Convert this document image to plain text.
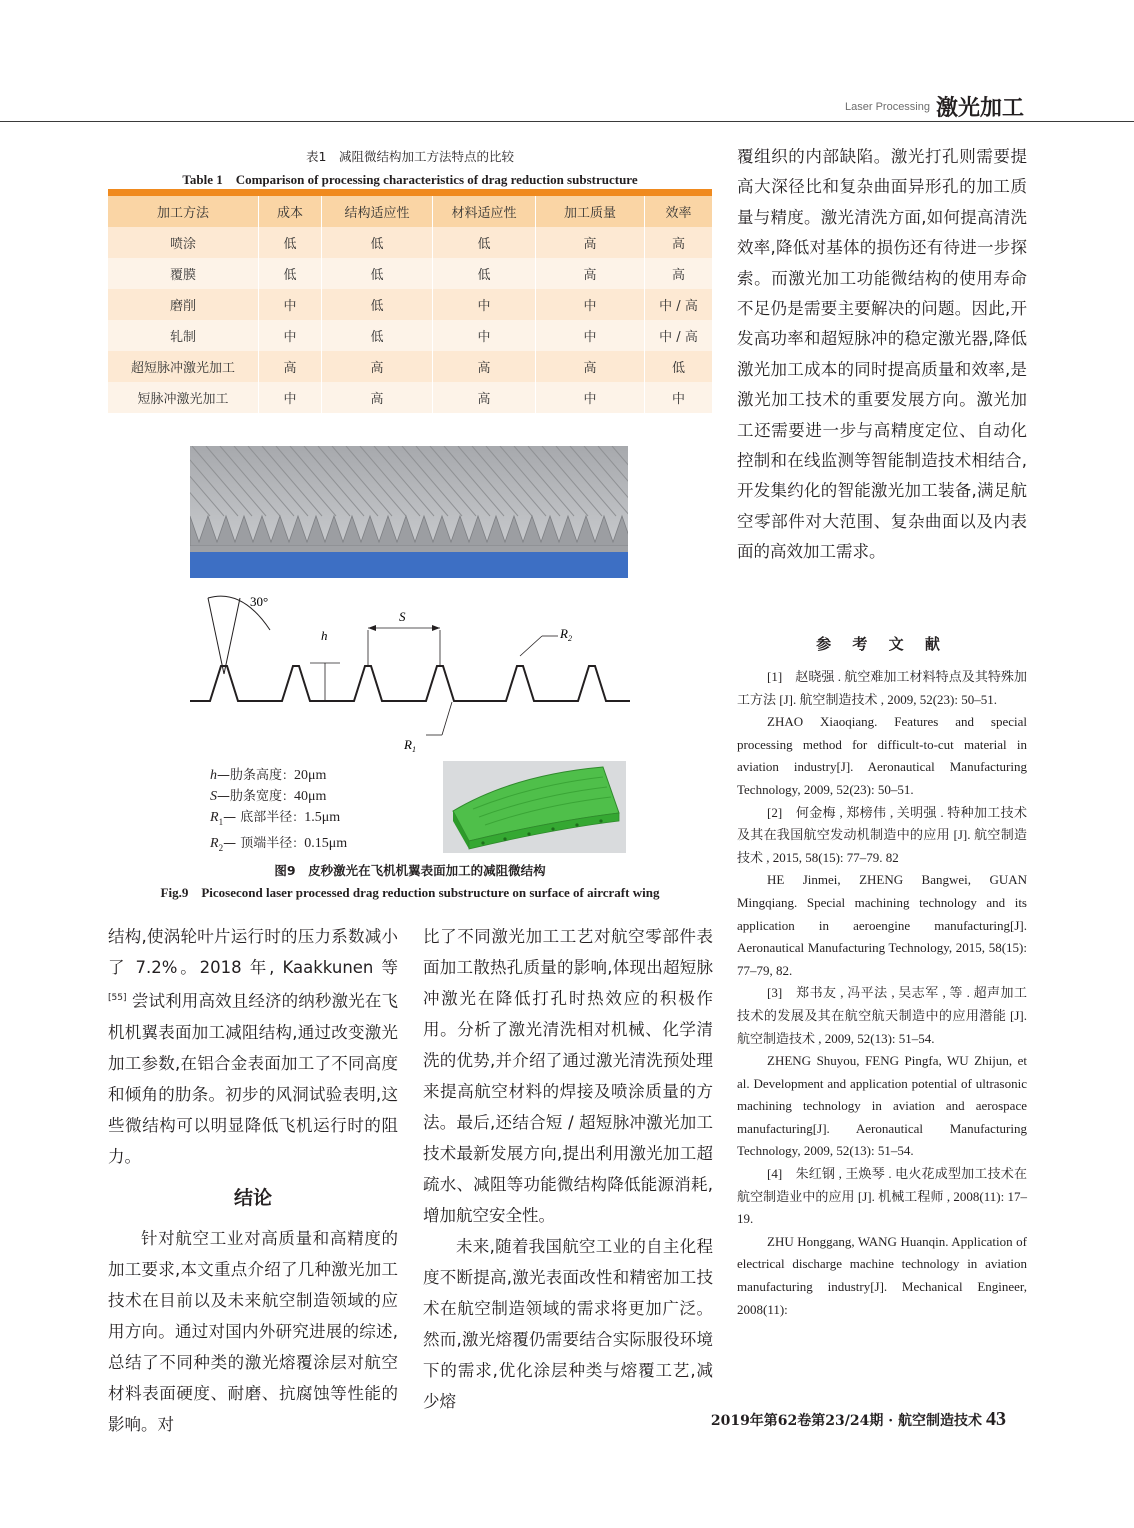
Laser Processing 激光加工
表1　减阻微结构加工方法特点的比较
Table 1　Comparison of processing characteristics of drag reduction substructure
加工方法	成本	结构适应性	材料适应性	加工质量	效率
喷涂	低	低	低	高	高
覆膜	低	低	低	高	高
磨削	中	低	中	中	中 / 高
轧制	中	低	中	中	中 / 高
超短脉冲激光加工	高	高	高	高	低
短脉冲激光加工	中	高	高	中	中
30°
h
S
$R_2$
$R_1$
h—肋条高度：20μm
S—肋条宽度：40μm
$R_1—$ 底部半径：1.5μm
$R_2—$ 顶端半径：0.15μm
图9　皮秒激光在飞机机翼表面加工的减阻微结构
Fig.9　Picosecond laser processed drag reduction substructure on surface of aircraft wing

结构,使涡轮叶片运行时的压力系数减小了 7.2%。2018 年, Kaakkunen 等 [55] 尝试利用高效且经济的纳秒激光在飞机机翼表面加工减阻结构,通过改变激光加工参数,在铝合金表面加工了不同高度和倾角的肋条。初步的风洞试验表明,这些微结构可以明显降低飞机运行时的阻力。

结论

针对航空工业对高质量和高精度的加工要求,本文重点介绍了几种激光加工技术在目前以及未来航空制造领域的应用方向。通过对国内外研究进展的综述,总结了不同种类的激光熔覆涂层对航空材料表面硬度、耐磨、抗腐蚀等性能的影响。对

比了不同激光加工工艺对航空零部件表面加工散热孔质量的影响,体现出超短脉冲激光在降低打孔时热效应的积极作用。分析了激光清洗相对机械、化学清洗的优势,并介绍了通过激光清洗预处理来提高航空材料的焊接及喷涂质量的方法。最后,还结合短 / 超短脉冲激光加工技术最新发展方向,提出利用激光加工超疏水、减阻等功能微结构降低能源消耗,增加航空安全性。

未来,随着我国航空工业的自主化程度不断提高,激光表面改性和精密加工技术在航空制造领域的需求将更加广泛。然而,激光熔覆仍需要结合实际服役环境下的需求,优化涂层种类与熔覆工艺,减少熔

覆组织的内部缺陷。激光打孔则需要提高大深径比和复杂曲面异形孔的加工质量与精度。激光清洗方面,如何提高清洗效率,降低对基体的损伤还有待进一步探索。而激光加工功能微结构的使用寿命不足仍是需要主要解决的问题。因此,开发高功率和超短脉冲的稳定激光器,降低激光加工成本的同时提高质量和效率,是激光加工技术的重要发展方向。激光加工还需要进一步与高精度定位、自动化控制和在线监测等智能制造技术相结合,开发集约化的智能激光加工装备,满足航空零部件对大范围、复杂曲面以及内表面的高效加工需求。

参 考 文 献

[1]　赵晓强 . 航空难加工材料特点及其特殊加工方法 [J]. 航空制造技术 , 2009, 52(23): 50–51.

ZHAO Xiaoqiang. Features and special processing method for difficult-to-cut material in aviation industry[J]. Aeronautical Manufacturing Technology, 2009, 52(23): 50–51.

[2]　何金梅 , 郑榜伟 , 关明强 . 特种加工技术及其在我国航空发动机制造中的应用 [J]. 航空制造技术 , 2015, 58(15): 77–79. 82

HE Jinmei, ZHENG Bangwei, GUAN Mingqiang. Special machining technology and its application in aeroengine manufacturing[J]. Aeronautical Manufacturing Technology, 2015, 58(15): 77–79, 82.

[3]　郑书友 , 冯平法 , 吴志军 , 等 . 超声加工技术的发展及其在航空航天制造中的应用潜能 [J]. 航空制造技术 , 2009, 52(13): 51–54.

ZHENG Shuyou, FENG Pingfa, WU Zhijun, et al. Development and application potential of ultrasonic machining technology in aviation and aerospace manufacturing[J]. Aeronautical Manufacturing Technology, 2009, 52(13): 51–54.

[4]　朱红钢 , 王焕琴 . 电火花成型加工技术在航空制造业中的应用 [J]. 机械工程师 , 2008(11): 17–19.

ZHU Honggang, WANG Huanqin. Application of electrical discharge machine technology in aviation manufacturing industry[J]. Mechanical Engineer, 2008(11):

2019年第62卷第23/24期 · 航空制造技术 43
